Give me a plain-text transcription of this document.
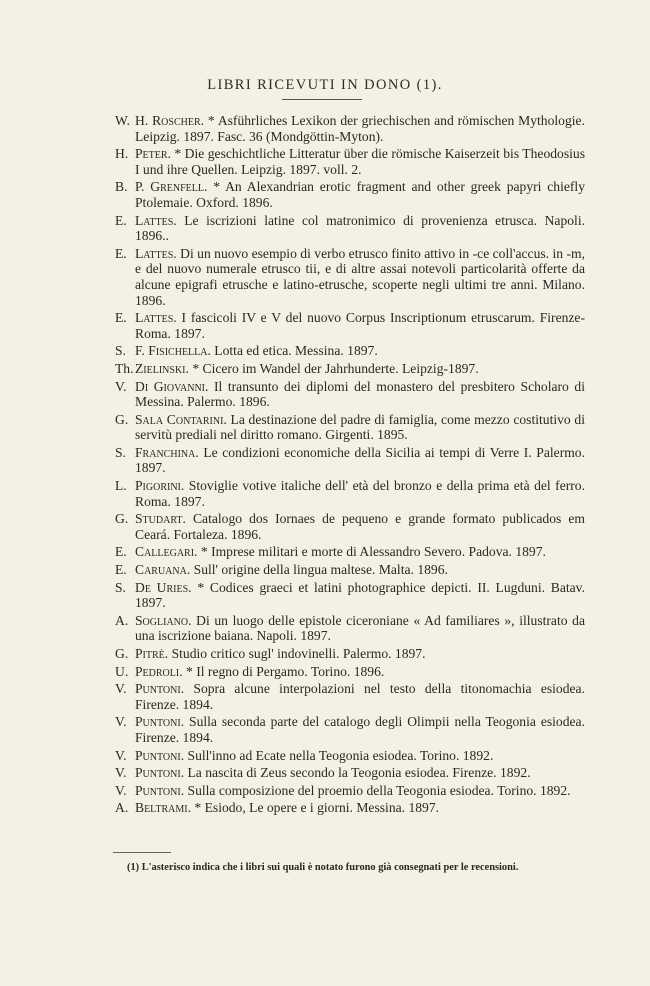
LIBRI RICEVUTI IN DONO (1).
W. H. Roscher. * Asführliches Lexikon der griechischen and römischen Mythologie. Leipzig. 1897. Fasc. 36 (Mondgöttin-Myton).
H. Peter. * Die geschichtliche Litteratur über die römische Kaiserzeit bis Theodosius I und ihre Quellen. Leipzig. 1897. voll. 2.
B. P. Grenfell. * An Alexandrian erotic fragment and other greek papyri chiefly Ptolemaie. Oxford. 1896.
E. Lattes. Le iscrizioni latine col matronimico di provenienza etrusca. Napoli. 1896..
E. Lattes. Di un nuovo esempio di verbo etrusco finito attivo in -ce coll'accus. in -m, e del nuovo numerale etrusco tii, e di altre assai notevoli particolarità offerte da alcune epigrafi etrusche e latino-etrusche, scoperte negli ultimi tre anni. Milano. 1896.
E. Lattes. I fascicoli IV e V del nuovo Corpus Inscriptionum etruscarum. Firenze-Roma. 1897.
S. F. Fisichella. Lotta ed etica. Messina. 1897.
Th. Zielinski. * Cicero im Wandel der Jahrhunderte. Leipzig-1897.
V. Di Giovanni. Il transunto dei diplomi del monastero del presbitero Scholaro di Messina. Palermo. 1896.
G. Sala Contarini. La destinazione del padre di famiglia, come mezzo costitutivo di servitù prediali nel diritto romano. Girgenti. 1895.
S. Franchina. Le condizioni economiche della Sicilia ai tempi di Verre I. Palermo. 1897.
L. Pigorini. Stoviglie votive italiche dell' età del bronzo e della prima età del ferro. Roma. 1897.
G. Studart. Catalogo dos Iornaes de pequeno e grande formato publicados em Ceará. Fortaleza. 1896.
E. Callegari. * Imprese militari e morte di Alessandro Severo. Padova. 1897.
E. Caruana. Sull' origine della lingua maltese. Malta. 1896.
S. De Uries. * Codices graeci et latini photographice depicti. II. Lugduni. Batav. 1897.
A. Sogliano. Di un luogo delle epistole ciceroniane « Ad familiares », illustrato da una iscrizione baiana. Napoli. 1897.
G. Pitrè. Studio critico sugl' indovinelli. Palermo. 1897.
U. Pedroli. * Il regno di Pergamo. Torino. 1896.
V. Puntoni. Sopra alcune interpolazioni nel testo della titonomachia esiodea. Firenze. 1894.
V. Puntoni. Sulla seconda parte del catalogo degli Olimpii nella Teogonia esiodea. Firenze. 1894.
V. Puntoni. Sull'inno ad Ecate nella Teogonia esiodea. Torino. 1892.
V. Puntoni. La nascita di Zeus secondo la Teogonia esiodea. Firenze. 1892.
V. Puntoni. Sulla composizione del proemio della Teogonia esiodea. Torino. 1892.
A. Beltrami. * Esiodo, Le opere e i giorni. Messina. 1897.
(1) L'asterisco indica che i libri sui quali è notato furono già consegnati per le recensioni.
